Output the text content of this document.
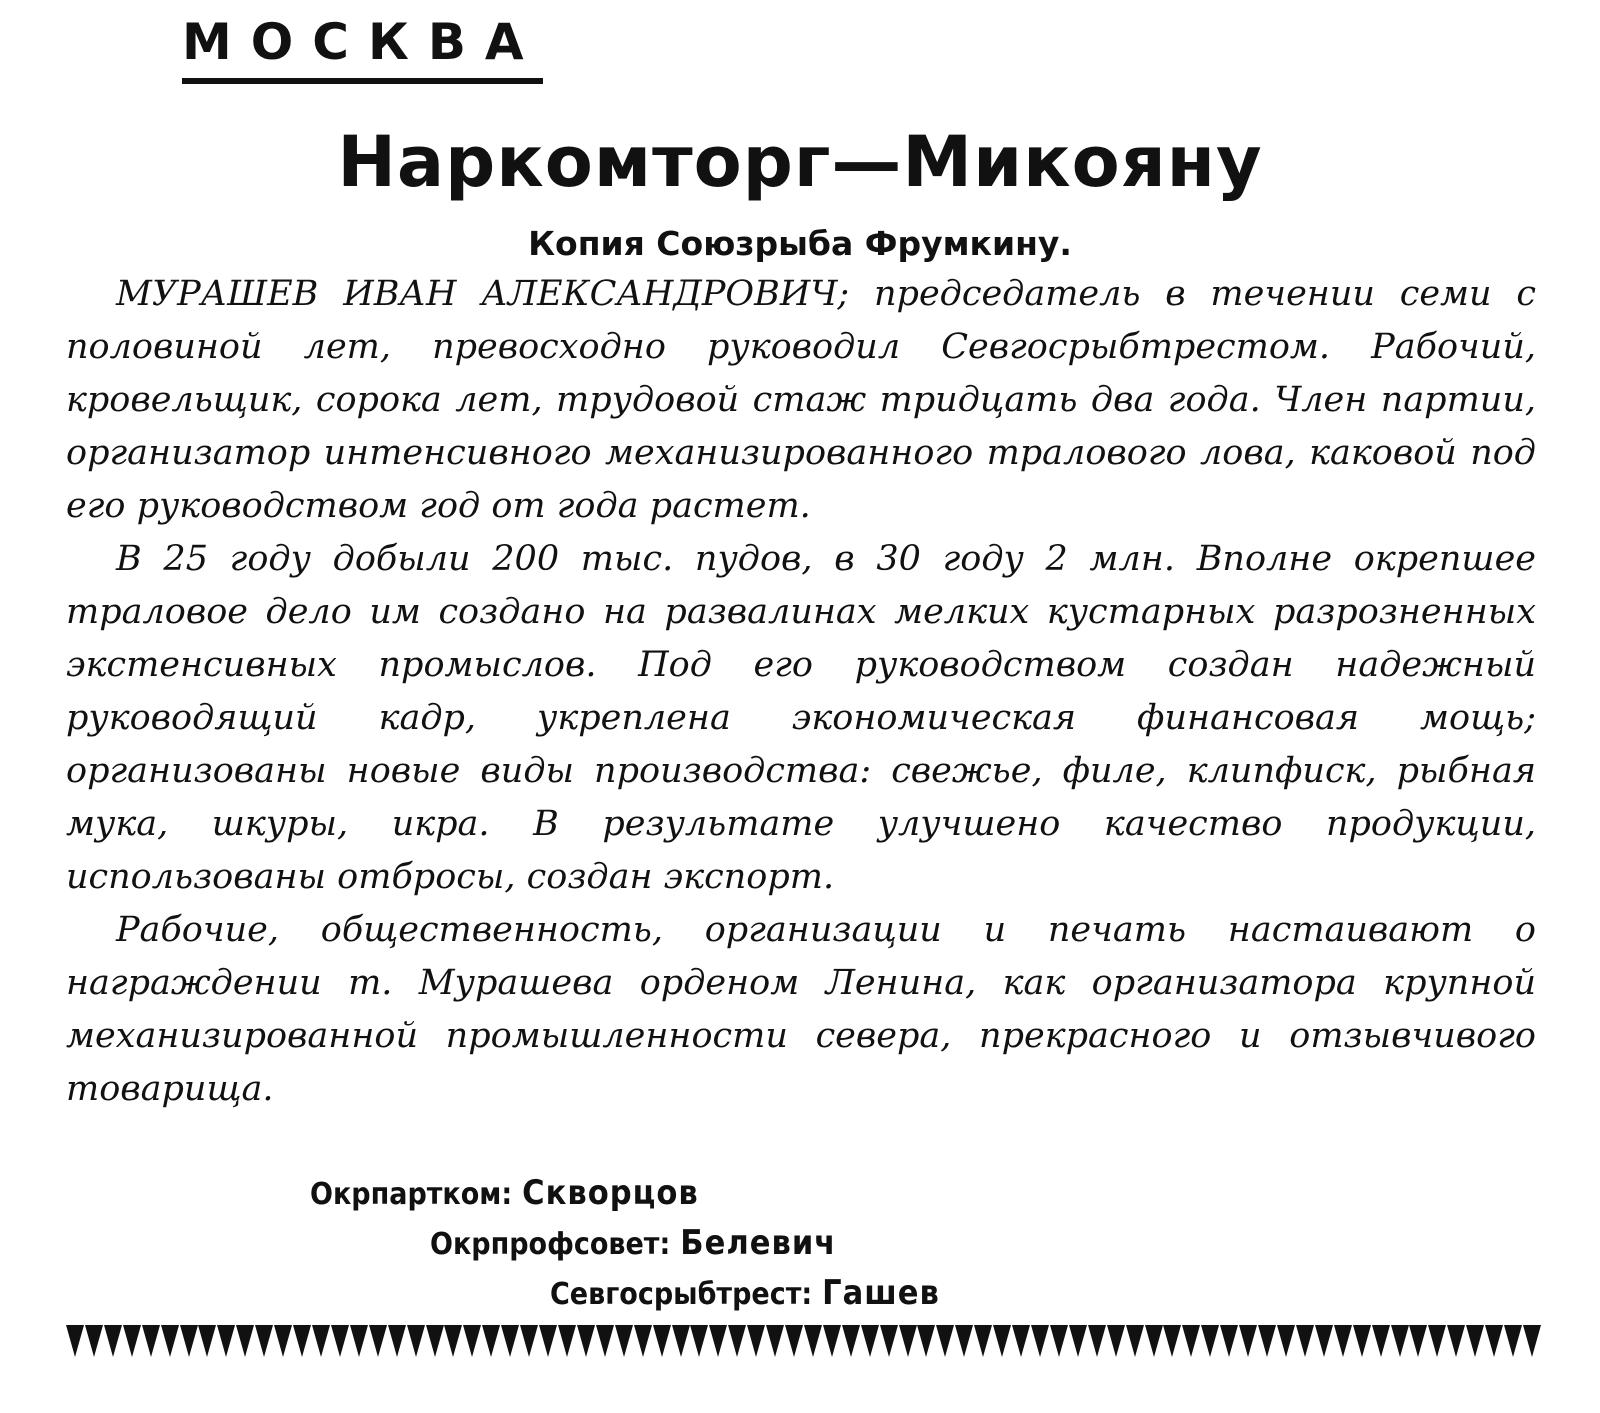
МОСКВА
Наркомторг—Микояну
Копия Союзрыба Фрумкину.

МУРАШЕВ ИВАН АЛЕКСАНДРОВИЧ; председатель в течении семи с половиной лет, превосходно руководил Севгосрыбтрестом. Рабочий, кровельщик, сорока лет, трудовой стаж тридцать два года. Член партии, организатор интенсивного механизированного тралового лова, каковой под его руководством год от года растет.

В 25 году добыли 200 тыс. пудов, в 30 году 2 млн. Вполне окрепшее траловое дело им создано на развалинах мелких кустарных разрозненных экстенсивных промыслов. Под его руководством создан надежный руководящий кадр, укреплена экономическая финансовая мощь; организованы новые виды производства: свежье, филе, клипфиск, рыбная мука, шкуры, икра. В результате улучшено качество продукции, использованы отбросы, создан экспорт.

Рабочие, общественность, организации и печать настаивают о награждении т. Мурашева орденом Ленина, как организатора крупной механизированной промышленности севера, прекрасного и отзывчивого товарища.

Окрпартком: Скворцов
Окрпрофсовет: Белевич
Севгосрыбтрест: Гашев
